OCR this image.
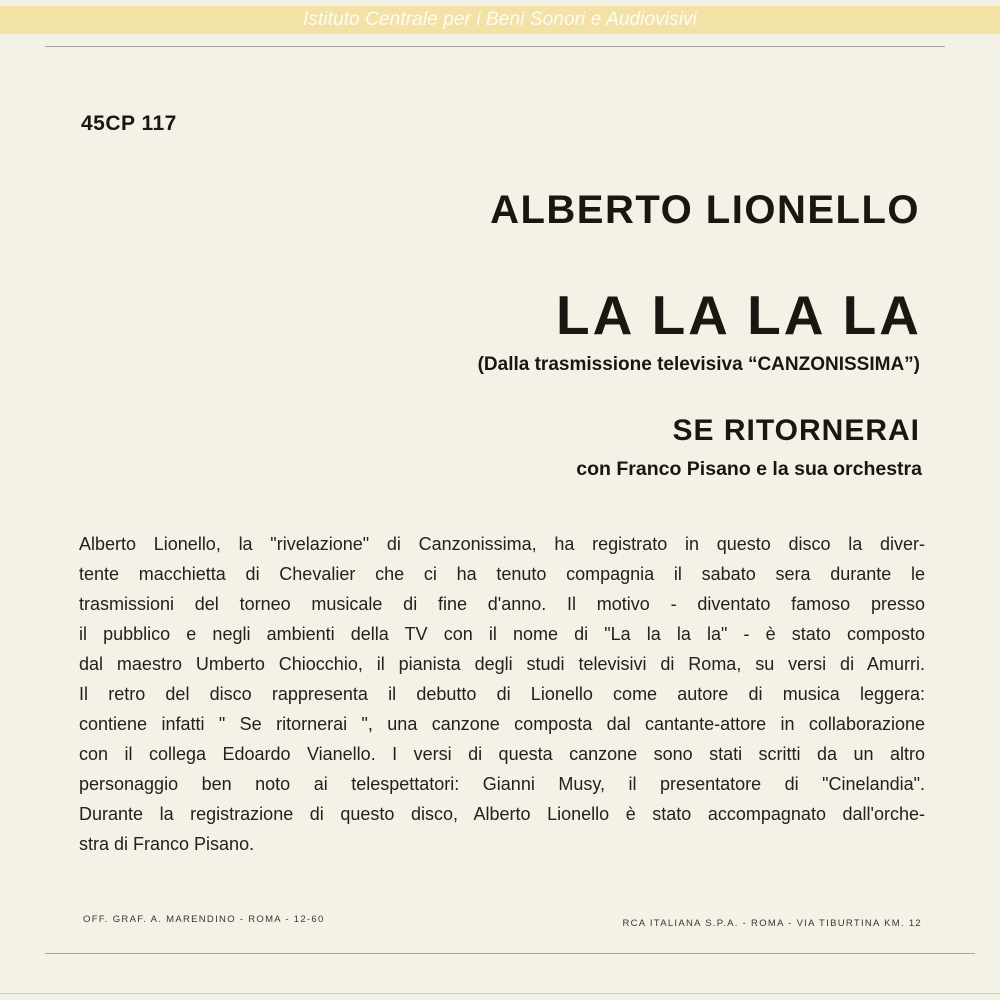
Istituto Centrale per i Beni Sonori e Audiovisivi
45CP 117
ALBERTO LIONELLO
LA LA LA LA
(Dalla trasmissione televisiva “CANZONISSIMA”)
SE RITORNERAI
con Franco Pisano e la sua orchestra
Alberto Lionello, la "rivelazione" di Canzonissima, ha registrato in questo disco la diver-
tente macchietta di Chevalier che ci ha tenuto compagnia il sabato sera durante le
trasmissioni del torneo musicale di fine d'anno. Il motivo - diventato famoso presso
il pubblico e negli ambienti della TV con il nome di "La la la la" - è stato composto
dal maestro Umberto Chiocchio, il pianista degli studi televisivi di Roma, su versi di Amurri.
Il retro del disco rappresenta il debutto di Lionello come autore di musica leggera:
contiene infatti " Se ritornerai ", una canzone composta dal cantante-attore in collaborazione
con il collega Edoardo Vianello. I versi di questa canzone sono stati scritti da un altro
personaggio ben noto ai telespettatori: Gianni Musy, il presentatore di "Cinelandia".
Durante la registrazione di questo disco, Alberto Lionello è stato accompagnato dall'orche-
stra di Franco Pisano.
OFF. GRAF. A. MARENDINO - ROMA - 12-60	RCA ITALIANA S.P.A. - ROMA - VIA TIBURTINA KM. 12
